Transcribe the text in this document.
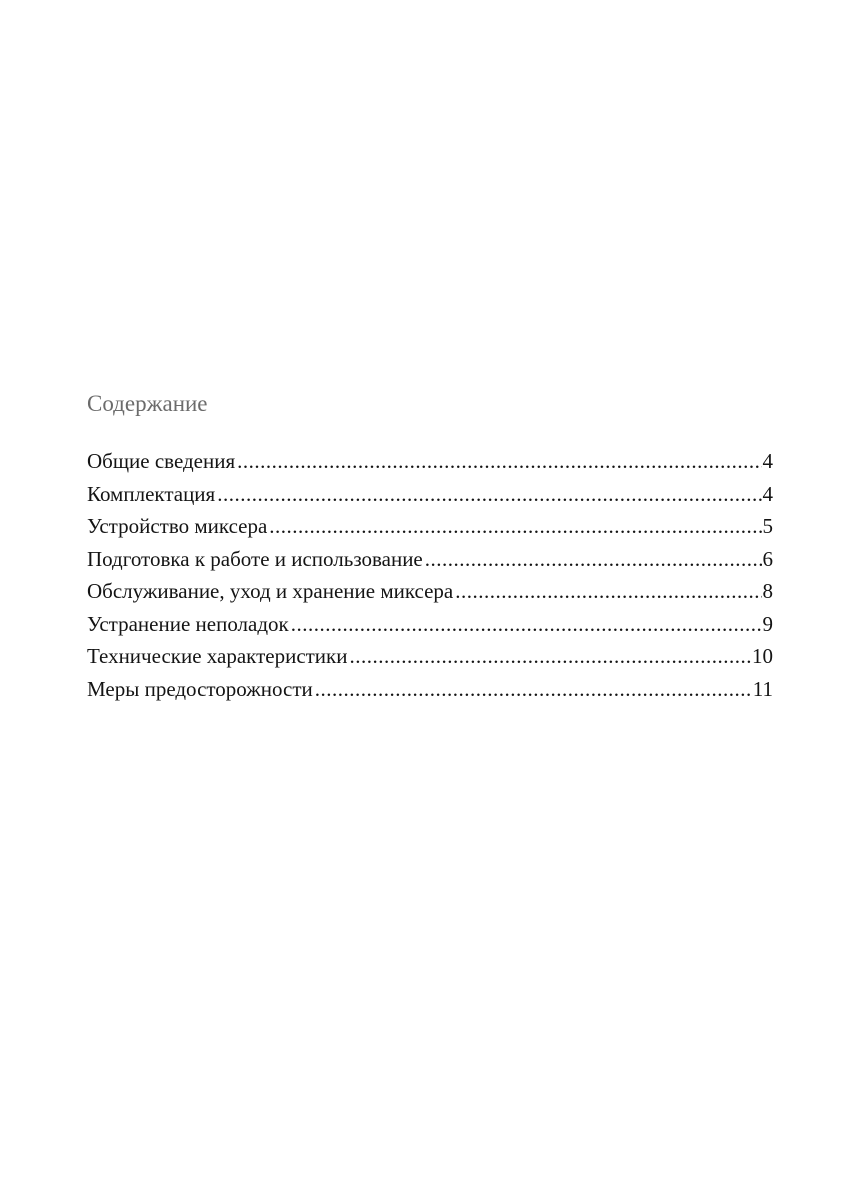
Содержание
Общие сведения .....	4
Комплектация .....	4
Устройство миксера .....	5
Подготовка к работе и использование .....	6
Обслуживание, уход и хранение миксера .....	8
Устранение неполадок .....	9
Технические характеристики .....	10
Меры предосторожности .....	11
